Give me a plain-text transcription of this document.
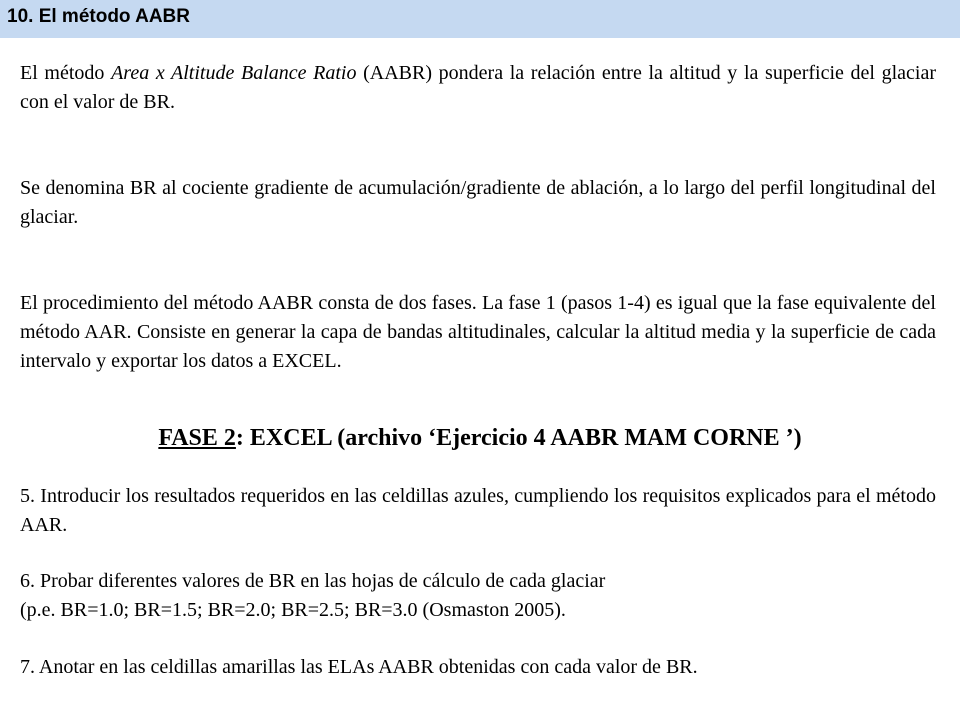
10. El método AABR

El método Area x Altitude Balance Ratio (AABR) pondera la relación entre la altitud y la superficie del glaciar con el valor de BR.

Se denomina BR al cociente gradiente de acumulación/gradiente de ablación, a lo largo del perfil longitudinal del glaciar.

El procedimiento del método AABR consta de dos fases. La fase 1 (pasos 1-4) es igual que la fase equivalente del método AAR. Consiste en generar la capa de bandas altitudinales, calcular la altitud media y la superficie de cada intervalo y exportar los datos a EXCEL.

FASE 2: EXCEL (archivo ‘Ejercicio 4 AABR MAM CORNE ’)

5. Introducir los resultados requeridos en las celdillas azules, cumpliendo los requisitos explicados para el método AAR.

6. Probar diferentes valores de BR en las hojas de cálculo de cada glaciar
(p.e. BR=1.0; BR=1.5; BR=2.0; BR=2.5; BR=3.0 (Osmaston 2005).

7. Anotar en las celdillas amarillas las ELAs AABR obtenidas con cada valor de BR.
